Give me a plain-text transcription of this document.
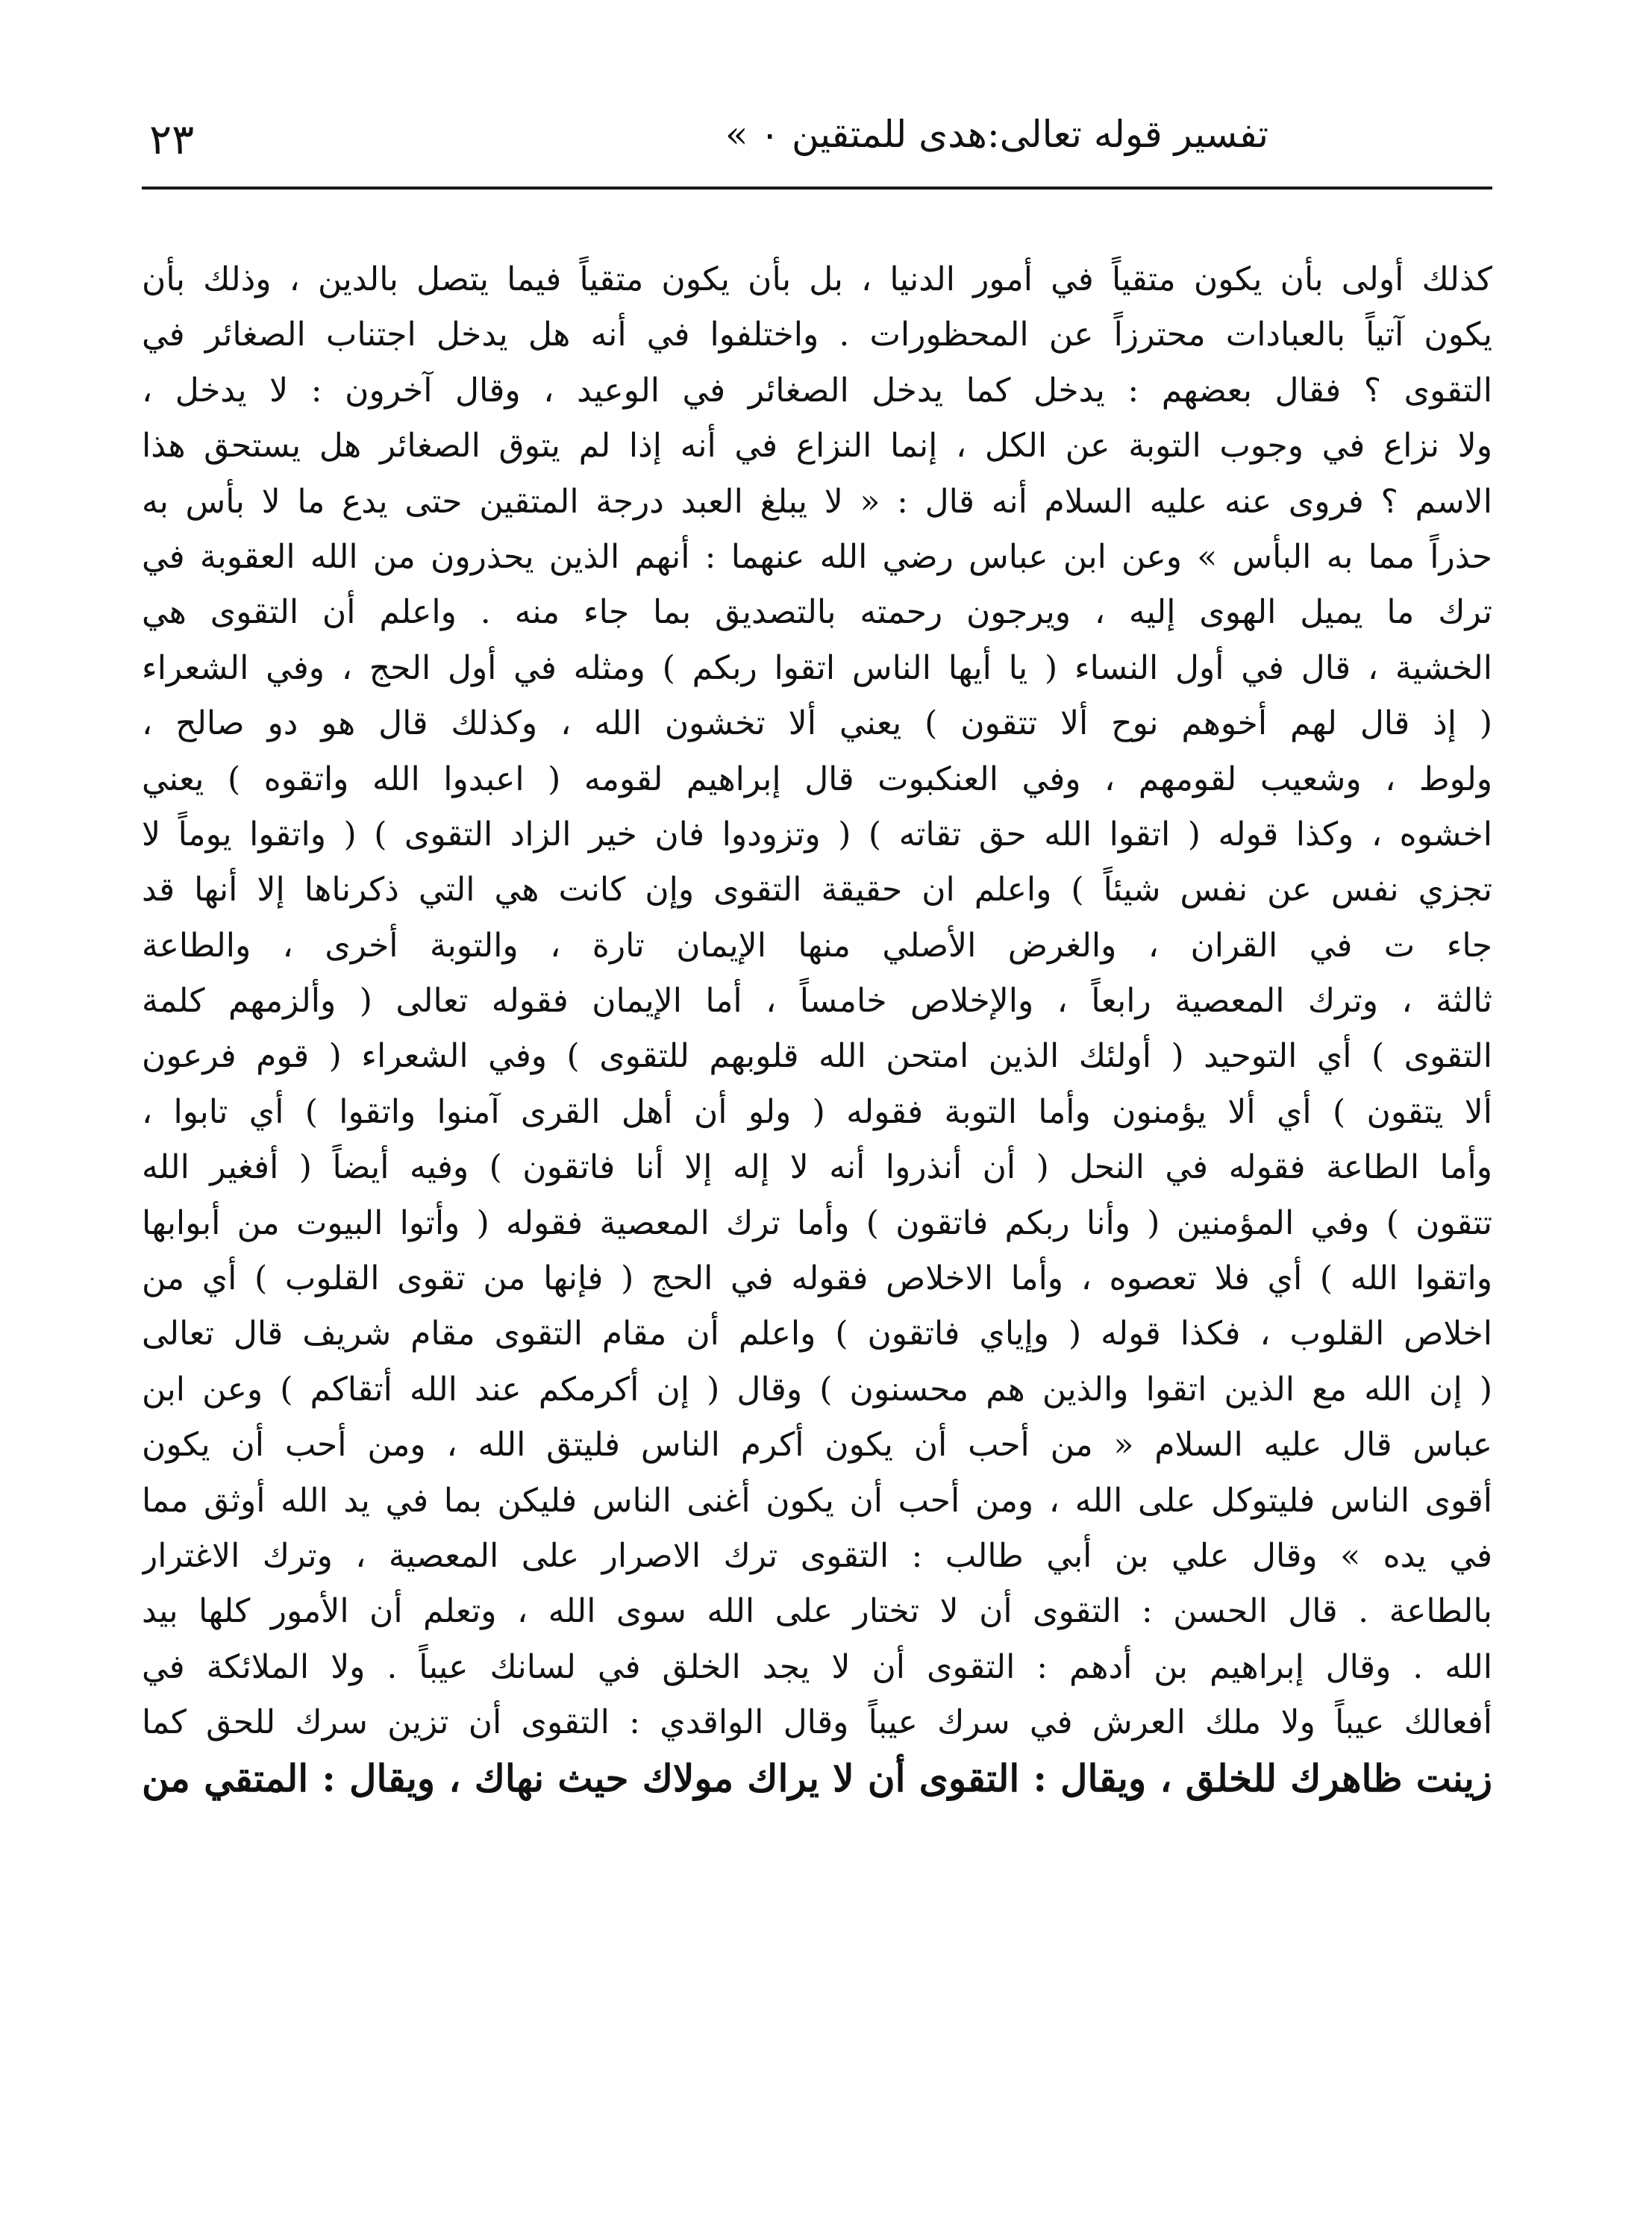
تفسير قوله تعالى:هدى للمتقين ٠ »
٢٣
كذلك أولى بأن يكون متقياً في أمور الدنيا ، بل بأن يكون متقياً فيما يتصل بالدين ، وذلك بأن
يكون آتياً بالعبادات محترزاً عن المحظورات . واختلفوا في أنه هل يدخل اجتناب الصغائر في
التقوى ؟ فقال بعضهم : يدخل كما يدخل الصغائر في الوعيد ، وقال آخرون : لا يدخل ،
ولا نزاع في وجوب التوبة عن الكل ، إنما النزاع في أنه إذا لم يتوق الصغائر هل يستحق هذا
الاسم ؟ فروى عنه عليه السلام أنه قال : « لا يبلغ العبد درجة المتقين حتى يدع ما لا بأس به
حذراً مما به البأس » وعن ابن عباس رضي الله عنهما : أنهم الذين يحذرون من الله العقوبة في
ترك ما يميل الهوى إليه ، ويرجون رحمته بالتصديق بما جاء منه . واعلم أن التقوى هي
الخشية ، قال في أول النساء ( يا أيها الناس اتقوا ربكم ) ومثله في أول الحج ، وفي الشعراء
( إذ قال لهم أخوهم نوح ألا تتقون ) يعني ألا تخشون الله ، وكذلك قال هو دو صالح ،
ولوط ، وشعيب لقومهم ، وفي العنكبوت قال إبراهيم لقومه ( اعبدوا الله واتقوه ) يعني
اخشوه ، وكذا قوله ( اتقوا الله حق تقاته ) ( وتزودوا فان خير الزاد التقوى ) ( واتقوا يوماً لا
تجزي نفس عن نفس شيئاً ) واعلم ان حقيقة التقوى وإن كانت هي التي ذكرناها إلا أنها قد
جاء ت في القران ، والغرض الأصلي منها الإيمان تارة ، والتوبة أخرى ، والطاعة
ثالثة ، وترك المعصية رابعاً ، والإخلاص خامساً ، أما الإيمان فقوله تعالى ( وألزمهم كلمة
التقوى ) أي التوحيد ( أولئك الذين امتحن الله قلوبهم للتقوى ) وفي الشعراء ( قوم فرعون
ألا يتقون ) أي ألا يؤمنون وأما التوبة فقوله ( ولو أن أهل القرى آمنوا واتقوا ) أي تابوا ،
وأما الطاعة فقوله في النحل ( أن أنذروا أنه لا إله إلا أنا فاتقون ) وفيه أيضاً ( أفغير الله
تتقون ) وفي المؤمنين ( وأنا ربكم فاتقون ) وأما ترك المعصية فقوله ( وأتوا البيوت من أبوابها
واتقوا الله ) أي فلا تعصوه ، وأما الاخلاص فقوله في الحج ( فإنها من تقوى القلوب ) أي من
اخلاص القلوب ، فكذا قوله ( وإياي فاتقون ) واعلم أن مقام التقوى مقام شريف قال تعالى
( إن الله مع الذين اتقوا والذين هم محسنون ) وقال ( إن أكرمكم عند الله أتقاكم ) وعن ابن
عباس قال عليه السلام « من أحب أن يكون أكرم الناس فليتق الله ، ومن أحب أن يكون
أقوى الناس فليتوكل على الله ، ومن أحب أن يكون أغنى الناس فليكن بما في يد الله أوثق مما
في يده » وقال علي بن أبي طالب : التقوى ترك الاصرار على المعصية ، وترك الاغترار
بالطاعة . قال الحسن : التقوى أن لا تختار على الله سوى الله ، وتعلم أن الأمور كلها بيد
الله . وقال إبراهيم بن أدهم : التقوى أن لا يجد الخلق في لسانك عيباً . ولا الملائكة في
أفعالك عيباً ولا ملك العرش في سرك عيباً وقال الواقدي : التقوى أن تزين سرك للحق كما
زينت ظاهرك للخلق ، ويقال : التقوى أن لا يراك مولاك حيث نهاك ، ويقال : المتقي من
